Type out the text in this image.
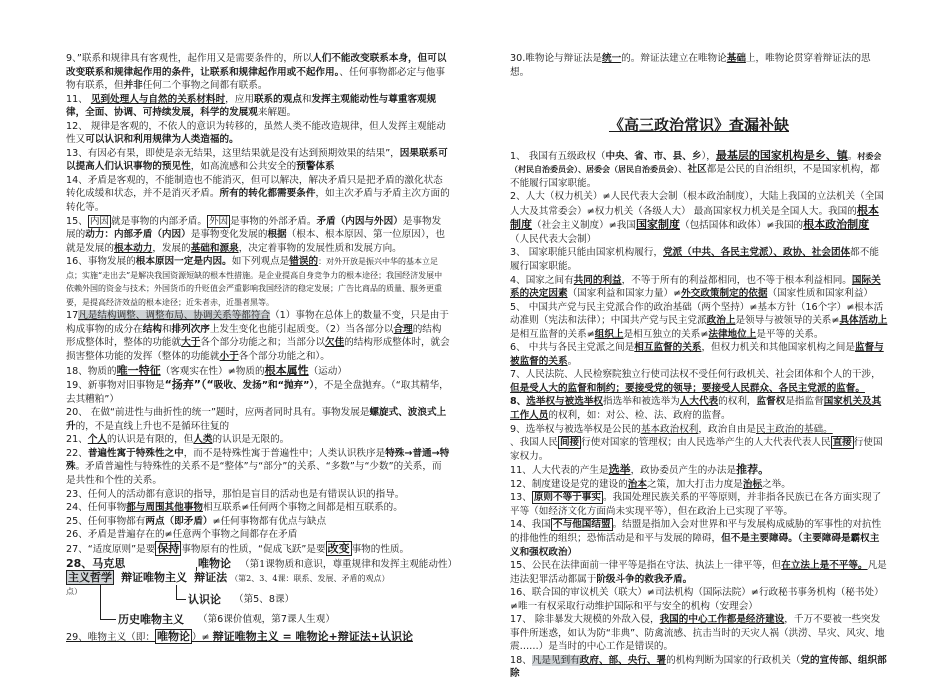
9、”联系和规律具有客观性，起作用又是需要条件的，所以人们不能改变联系本身，但可以改变联系和规律起作用的条件，让联系和规律起作用或不起作用。、任何事物都必定与他事物有联系，但并非任何二个事物之间都有联系。

11、 见到处理人与自然的关系材料时，应用联系的观点和发挥主观能动性与尊重客观规律，全面、协调、可持续发展，科学的发展观来解题。

12、 规律是客观的，不依人的意识为转移的，虽然人类不能改造规律，但人发挥主观能动性又可以认识和利用规律为人类造福的。

13、有因必有果，即使是亲无结果，这里结果就是没有达到预期效果的结果”，因果联系可以提高人们认识事物的预见性，如高流感和公共安全的预警体系

14、矛盾是客观的，不能制造也不能消灭，但可以解决，解决矛盾只是把矛盾的激化状态转化成缓和状态，并不是消灭矛盾。所有的转化都需要条件，如主次矛盾与矛盾主次方面的转化等。

15、 内因 就是事物的内部矛盾。 外因 是事物的外部矛盾。矛盾（内因与外因）是事物发展的动力：内部矛盾（内因）是事物变化发展的根据（根本、根本原因、第一位原因），也就是发展的根本动力，发展的基础和源泉，决定着事物的发展性质和发展方向。

16、事物发展的根本原因一定是内因。如下列观点是错误的：对外开放是振兴中华的基本立足点；实施“走出去”是解决我国资源短缺的根本性措施。是企业提高自身竞争力的根本途径；我国经济发展中依赖外国的资金与技术；外国货币的升贬值会严重影响我国经济的稳定发展；广告比商品的质量、服务更重要，是提高经济效益的根本途径；近朱者赤，近墨者黑等。

17凡是结构调整、调整布局、协调关系等都符合（1）事物在总体上的数量不变，只是由于构成事物的成分在结构和排列次序上发生变化也能引起质变。（2）当各部分以合理的结构形成整体时，整体的功能就大于各个部分功能之和；当部分以欠佳的结构形成整体时，就会损害整体功能的发挥（整体的功能就小于各个部分功能之和）。

18、物质的唯一特征（客观实在性）≠物质的根本属性（运动）

19、新事物对旧事物是“扬弃”（“吸收、发扬”和“抛弃”），不是全盘抛弃。（“取其精华，去其糟粕”）

20、 在做“前进性与曲折性的统一”题时，应两者同时具有。事物发展是螺旋式、波浪式上升的，不是直线上升也不是循环往复的

21、个人的认识是有限的，但人类的认识是无限的。

22、普遍性寓于特殊性之中，而不是特殊性寓于普遍性中；人类认识秩序是特殊→普通→特殊。矛盾普遍性与特殊性的关系不是“整体”与“部分”的关系、“多数”与“少数”的关系，而是共性和个性的关系。

23、任何人的活动都有意识的指导，那怕是盲目的活动也是有错误认识的指导。

24、任何事物都与周围其他事物相互联系≠任何两个事物之间都是相互联系的。

25、任何事物都有两点（即矛盾）≠任何事物都有优点与缺点

26、矛盾是普遍存在的≠任意两个事物之间都存在矛盾

27、“适度原则”是要 保持 事物原有的性质，“促成飞跃”是要 改变 事物的性质。

28、马克思	唯物论 （第1课物质和意识，尊重规律和发挥主观能动性）
主义哲学 辩证唯物主义 辩证法 （第2、3、4课：联系、发展、矛盾的观点）
点）
认识论 （第5、8课）
历史唯物主义 （第6课价值观，第7课人生观）
29、唯物主义（即： 唯物论 ）≠ 辩证唯物主义 = 唯物论+辩证法+认识论

30.唯物论与辩证法是统一的。辩证法建立在唯物论基础上，唯物论贯穿着辩证法的思想。

《高三政治常识》查漏补缺

1、 我国有五级政权（中央、省、市、县、乡），最基层的国家机构是乡、镇。村委会（村民自治委员会）、居委会（居民自治委员会）、社区都是公民的自治组织，不是国家机构，都不能履行国家职能。

2、人大（权力机关）≠人民代表大会制（根本政治制度），大陆上我国的立法机关（全国人大及其常委会）≠权力机关（各级人大） 最高国家权力机关是全国人大。我国的根本制度（社会主义制度）≠我国国家制度（包括国体和政体）≠我国的根本政治制度（人民代表大会制）

3、 国家职能只能由国家机构履行，党派（中共、各民主党派）、政协、社会团体都不能履行国家职能。

4、国家之间有共同的利益，不等于所有的利益都相同，也不等于根本利益相同。国际关系的决定因素（国家利益和国家力量）≠外交政策制定的依据（国家性质和国家利益）

5、 中国共产党与民主党派合作的政治基础（两个坚持）≠基本方针（16个字）≠根本活动准则（宪法和法律）；中国共产党与民主党派政治上是领导与被领导的关系≠具体活动上是相互监督的关系≠组织上是相互独立的关系≠法律地位上是平等的关系。

6、 中共与各民主党派之间是相互监督的关系，但权力机关和其他国家机构之间是监督与被监督的关系。

7、人民法院、人民检察院独立行使司法权不受任何行政机关、社会团体和个人的干涉，但是受人大的监督和制约；要接受党的领导；要接受人民群众、各民主党派的监督。

8、选举权与被选举权指选举和被选举为人大代表的权利，监督权是指监督国家机关及其工作人员的权利，如：对公、检、法、政府的监督。

9、选举权与被选举权是公民的基本政治权利，政治自由是民主政治的基础。

、我国人民 间接 行使对国家的管理权；由人民选举产生的人大代表代表人民 直接 行使国家权力。

11、人大代表的产生是选举，政协委员产生的办法是推荐。

12、制度建设是党的建设的治本之策，加大打击力度是治标之举。

13、 原则不等于事实 。我国处理民族关系的平等原则，并非指各民族已在各方面实现了平等（如经济文化方面尚未实现平等），但在政治上已实现了平等。

14、我国 不与他国结盟 。结盟是指加入会对世界和平与发展构成威胁的军事性的对抗性的排他性的组织；恐怖活动是和平与发展的障碍，但不是主要障碍。（主要障碍是霸权主义和强权政治）

15、公民在法律面前一律平等是指在守法、执法上一律平等，但在立法上是不平等。凡是违法犯罪活动都属于阶级斗争的救我矛盾。

16、联合国的审议机关（联大）≠司法机构（国际法院）≠行政秘书事务机构（秘书处）≠唯一有权采取行动维护国际和平与安全的机构（安理会）

17、 除非暴发大规模的外敌入侵，我国的中心工作都是经济建设，千万不要被一些突发事件所迷惑，如认为防“非典”、防禽流感、抗击当时的天灾人祸（洪涝、旱灾、风灾、地震……）是当时的中心工作是错误的。

18、凡是见到有政府、部、央行、署的机构判断为国家的行政机关（党的宣传部、组织部除
